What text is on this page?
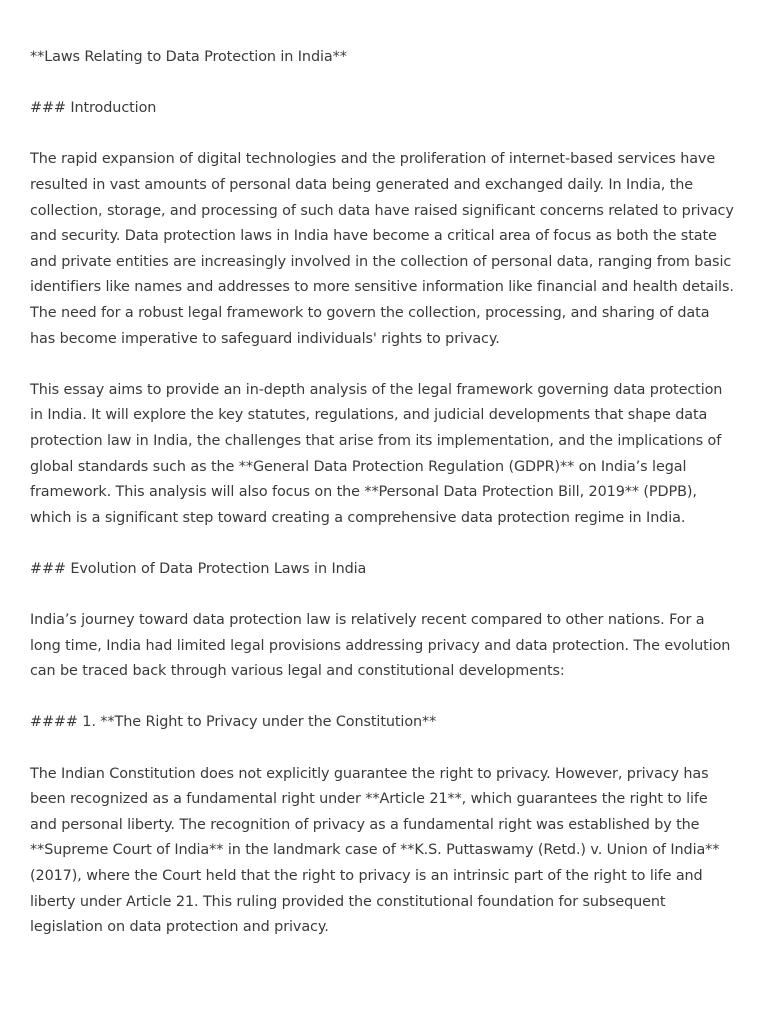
**Laws Relating to Data Protection in India**

### Introduction

The rapid expansion of digital technologies and the proliferation of internet-based services have resulted in vast amounts of personal data being generated and exchanged daily. In India, the collection, storage, and processing of such data have raised significant concerns related to privacy and security. Data protection laws in India have become a critical area of focus as both the state and private entities are increasingly involved in the collection of personal data, ranging from basic identifiers like names and addresses to more sensitive information like financial and health details. The need for a robust legal framework to govern the collection, processing, and sharing of data has become imperative to safeguard individuals' rights to privacy.

This essay aims to provide an in-depth analysis of the legal framework governing data protection in India. It will explore the key statutes, regulations, and judicial developments that shape data protection law in India, the challenges that arise from its implementation, and the implications of global standards such as the **General Data Protection Regulation (GDPR)** on India’s legal framework. This analysis will also focus on the **Personal Data Protection Bill, 2019** (PDPB), which is a significant step toward creating a comprehensive data protection regime in India.

### Evolution of Data Protection Laws in India

India’s journey toward data protection law is relatively recent compared to other nations. For a long time, India had limited legal provisions addressing privacy and data protection. The evolution can be traced back through various legal and constitutional developments:

#### 1. **The Right to Privacy under the Constitution**

The Indian Constitution does not explicitly guarantee the right to privacy. However, privacy has been recognized as a fundamental right under **Article 21**, which guarantees the right to life and personal liberty. The recognition of privacy as a fundamental right was established by the **Supreme Court of India** in the landmark case of **K.S. Puttaswamy (Retd.) v. Union of India** (2017), where the Court held that the right to privacy is an intrinsic part of the right to life and liberty under Article 21. This ruling provided the constitutional foundation for subsequent legislation on data protection and privacy.
